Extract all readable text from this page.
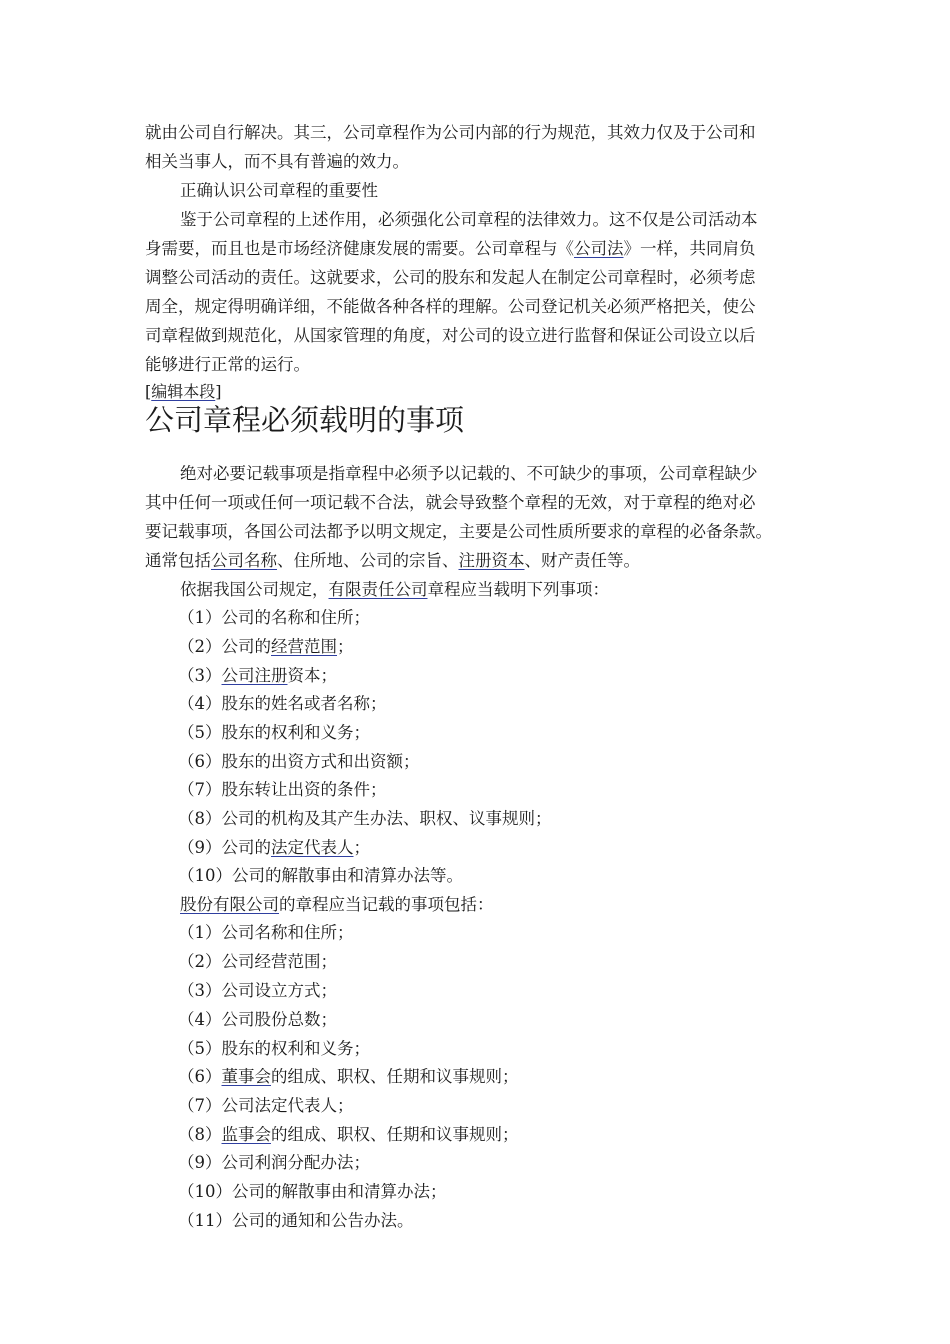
就由公司自行解决。其三，公司章程作为公司内部的行为规范，其效力仅及于公司和
相关当事人，而不具有普遍的效力。
正确认识公司章程的重要性
鉴于公司章程的上述作用，必须强化公司章程的法律效力。这不仅是公司活动本
身需要，而且也是市场经济健康发展的需要。公司章程与《公司法》一样，共同肩负
调整公司活动的责任。这就要求，公司的股东和发起人在制定公司章程时，必须考虑
周全，规定得明确详细，不能做各种各样的理解。公司登记机关必须严格把关，使公
司章程做到规范化，从国家管理的角度，对公司的设立进行监督和保证公司设立以后
能够进行正常的运行。
[编辑本段]
公司章程必须载明的事项
绝对必要记载事项是指章程中必须予以记载的、不可缺少的事项，公司章程缺少
其中任何一项或任何一项记载不合法，就会导致整个章程的无效，对于章程的绝对必
要记载事项，各国公司法都予以明文规定，主要是公司性质所要求的章程的必备条款。
通常包括公司名称、住所地、公司的宗旨、注册资本、财产责任等。
依据我国公司规定，有限责任公司章程应当载明下列事项：
（1）公司的名称和住所；
（2）公司的经营范围；
（3）公司注册资本；
（4）股东的姓名或者名称；
（5）股东的权利和义务；
（6）股东的出资方式和出资额；
（7）股东转让出资的条件；
（8）公司的机构及其产生办法、职权、议事规则；
（9）公司的法定代表人；
（10）公司的解散事由和清算办法等。
股份有限公司的章程应当记载的事项包括：
（1）公司名称和住所；
（2）公司经营范围；
（3）公司设立方式；
（4）公司股份总数；
（5）股东的权利和义务；
（6）董事会的组成、职权、任期和议事规则；
（7）公司法定代表人；
（8）监事会的组成、职权、任期和议事规则；
（9）公司利润分配办法；
（10）公司的解散事由和清算办法；
（11）公司的通知和公告办法。
